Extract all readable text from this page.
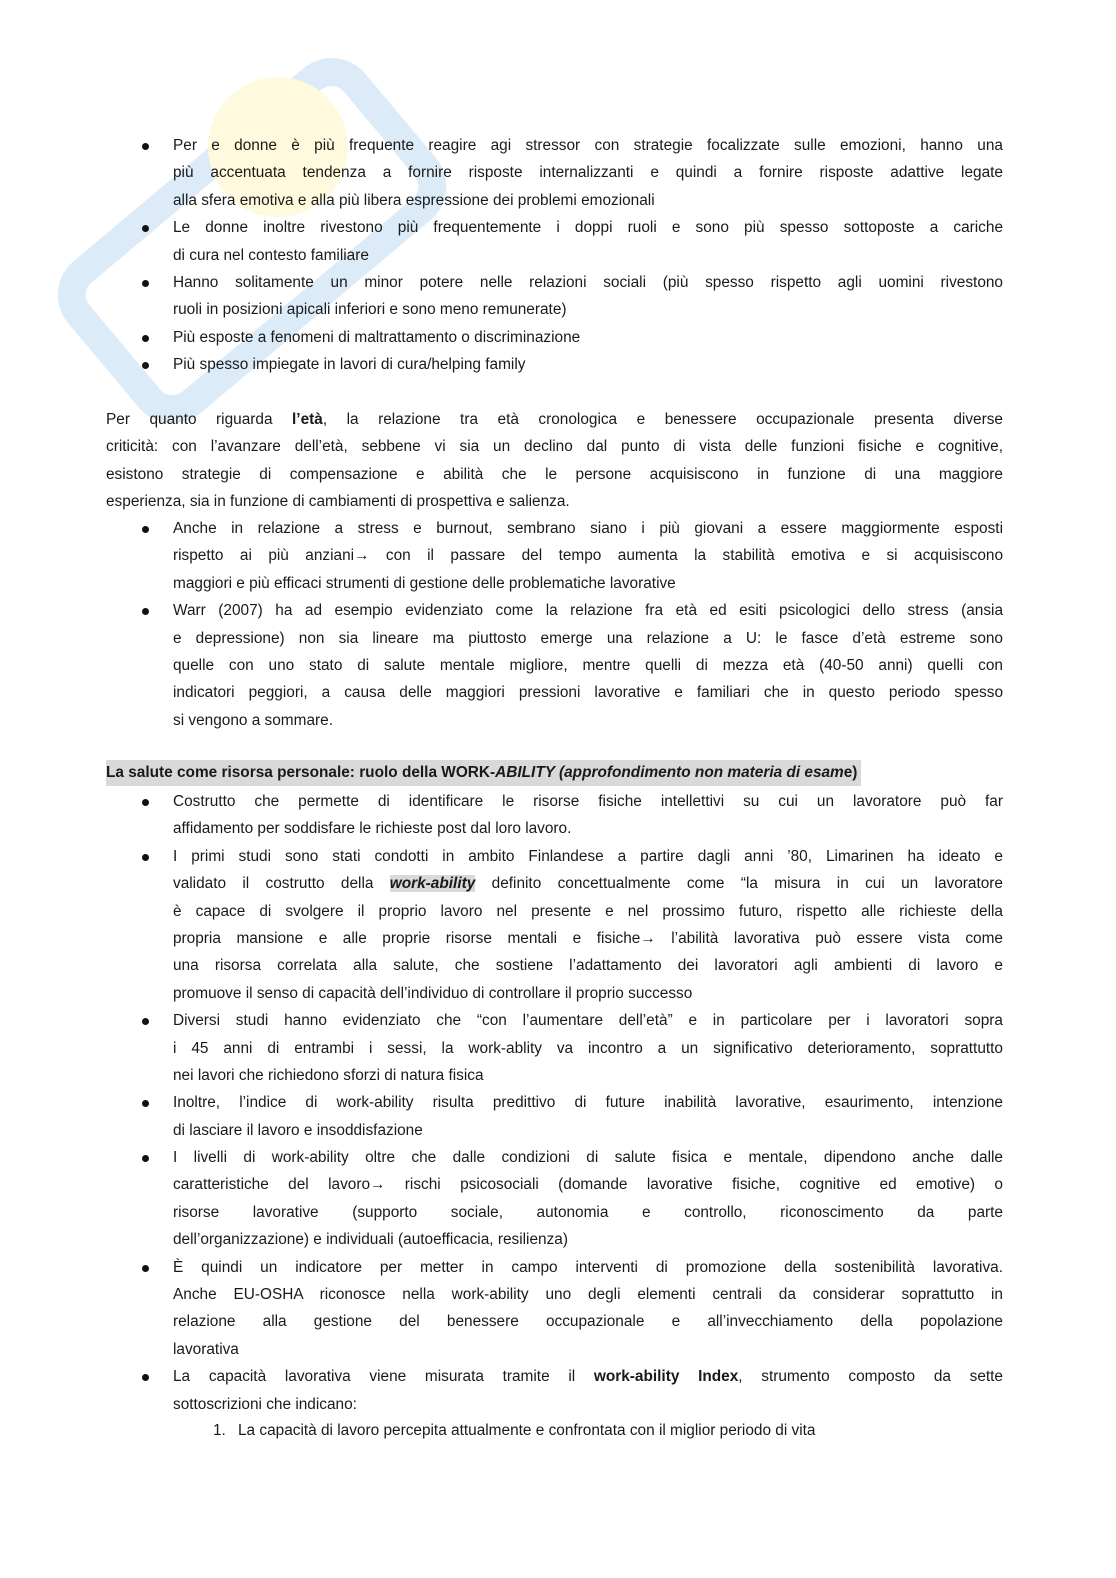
Per e donne è più frequente reagire agi stressor con strategie focalizzate sulle emozioni, hanno una
più accentuata tendenza a fornire risposte internalizzanti e quindi a fornire risposte adattive legate
alla sfera emotiva e alla più libera espressione dei problemi emozionali
Le donne inoltre rivestono più frequentemente i doppi ruoli e sono più spesso sottoposte a cariche
di cura nel contesto familiare
Hanno solitamente un minor potere nelle relazioni sociali (più spesso rispetto agli uomini rivestono
ruoli in posizioni apicali inferiori e sono meno remunerate)
Più esposte a fenomeni di maltrattamento o discriminazione
Più spesso impiegate in lavori di cura/helping family
Per quanto riguarda l’età, la relazione tra età cronologica e benessere occupazionale presenta diverse
criticità: con l’avanzare dell’età, sebbene vi sia un declino dal punto di vista delle funzioni fisiche e cognitive,
esistono strategie di compensazione e abilità che le persone acquisiscono in funzione di una maggiore
esperienza, sia in funzione di cambiamenti di prospettiva e salienza.
Anche in relazione a stress e burnout, sembrano siano i più giovani a essere maggiormente esposti
rispetto ai più anziani→ con il passare del tempo aumenta la stabilità emotiva e si acquisiscono
maggiori e più efficaci strumenti di gestione delle problematiche lavorative
Warr (2007) ha ad esempio evidenziato come la relazione fra età ed esiti psicologici dello stress (ansia
e depressione) non sia lineare ma piuttosto emerge una relazione a U: le fasce d’età estreme sono
quelle con uno stato di salute mentale migliore, mentre quelli di mezza età (40-50 anni) quelli con
indicatori peggiori, a causa delle maggiori pressioni lavorative e familiari che in questo periodo spesso
si vengono a sommare.
La salute come risorsa personale: ruolo della WORK-ABILITY (approfondimento non materia di esame)
Costrutto che permette di identificare le risorse fisiche intellettivi su cui un lavoratore può far
affidamento per soddisfare le richieste post dal loro lavoro.
I primi studi sono stati condotti in ambito Finlandese a partire dagli anni ’80, Limarinen ha ideato e
validato il costrutto della work-ability definito concettualmente come “la misura in cui un lavoratore
è capace di svolgere il proprio lavoro nel presente e nel prossimo futuro, rispetto alle richieste della
propria mansione e alle proprie risorse mentali e fisiche→ l’abilità lavorativa può essere vista come
una risorsa correlata alla salute, che sostiene l’adattamento dei lavoratori agli ambienti di lavoro e
promuove il senso di capacità dell’individuo di controllare il proprio successo
Diversi studi hanno evidenziato che “con l’aumentare dell’età” e in particolare per i lavoratori sopra
i 45 anni di entrambi i sessi, la work-ablity va incontro a un significativo deterioramento, soprattutto
nei lavori che richiedono sforzi di natura fisica
Inoltre, l’indice di work-ability risulta predittivo di future inabilità lavorative, esaurimento, intenzione
di lasciare il lavoro e insoddisfazione
I livelli di work-ability oltre che dalle condizioni di salute fisica e mentale, dipendono anche dalle
caratteristiche del lavoro→ rischi psicosociali (domande lavorative fisiche, cognitive ed emotive) o
risorse lavorative (supporto sociale, autonomia e controllo, riconoscimento da parte
dell’organizzazione) e individuali (autoefficacia, resilienza)
È quindi un indicatore per metter in campo interventi di promozione della sostenibilità lavorativa.
Anche EU-OSHA riconosce nella work-ability uno degli elementi centrali da considerar soprattutto in
relazione alla gestione del benessere occupazionale e all’invecchiamento della popolazione
lavorativa
La capacità lavorativa viene misurata tramite il work-ability Index, strumento composto da sette
sottoscrizioni che indicano:
1. La capacità di lavoro percepita attualmente e confrontata con il miglior periodo di vita
